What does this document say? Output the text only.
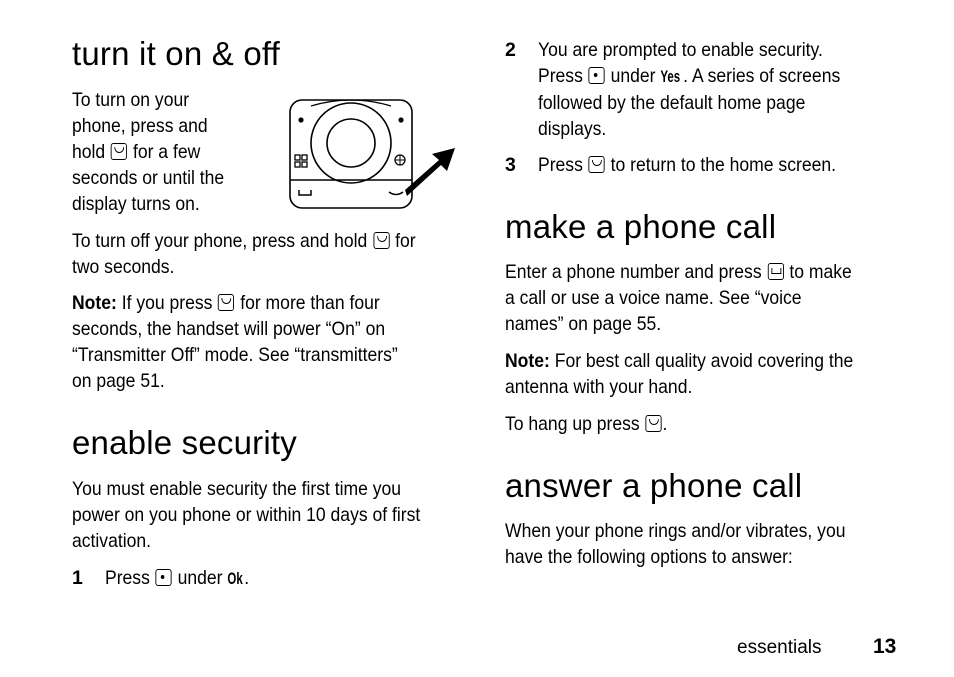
turn it on & off

To turn on your

phone, press and

hold for a few

seconds or until the

display turns on.

To turn off your phone, press and hold for
two seconds.

Note: If you press for more than four
seconds, the handset will power “On” on
“Transmitter Off” mode. See “transmitters”
on page 51.

enable security

You must enable security the first time you
power on you phone or within 10 days of first
activation.

1 Press under Ok.

2 You are prompted to enable security.
Press under Yes . A series of screens
followed by the default home page
displays.

3 Press to return to the home screen.

make a phone call

Enter a phone number and press to make
a call or use a voice name. See “voice
names” on page 55.

Note: For best call quality avoid covering the
antenna with your hand.

To hang up press .

answer a phone call

When your phone rings and/or vibrates, you
have the following options to answer:

essentials 13
